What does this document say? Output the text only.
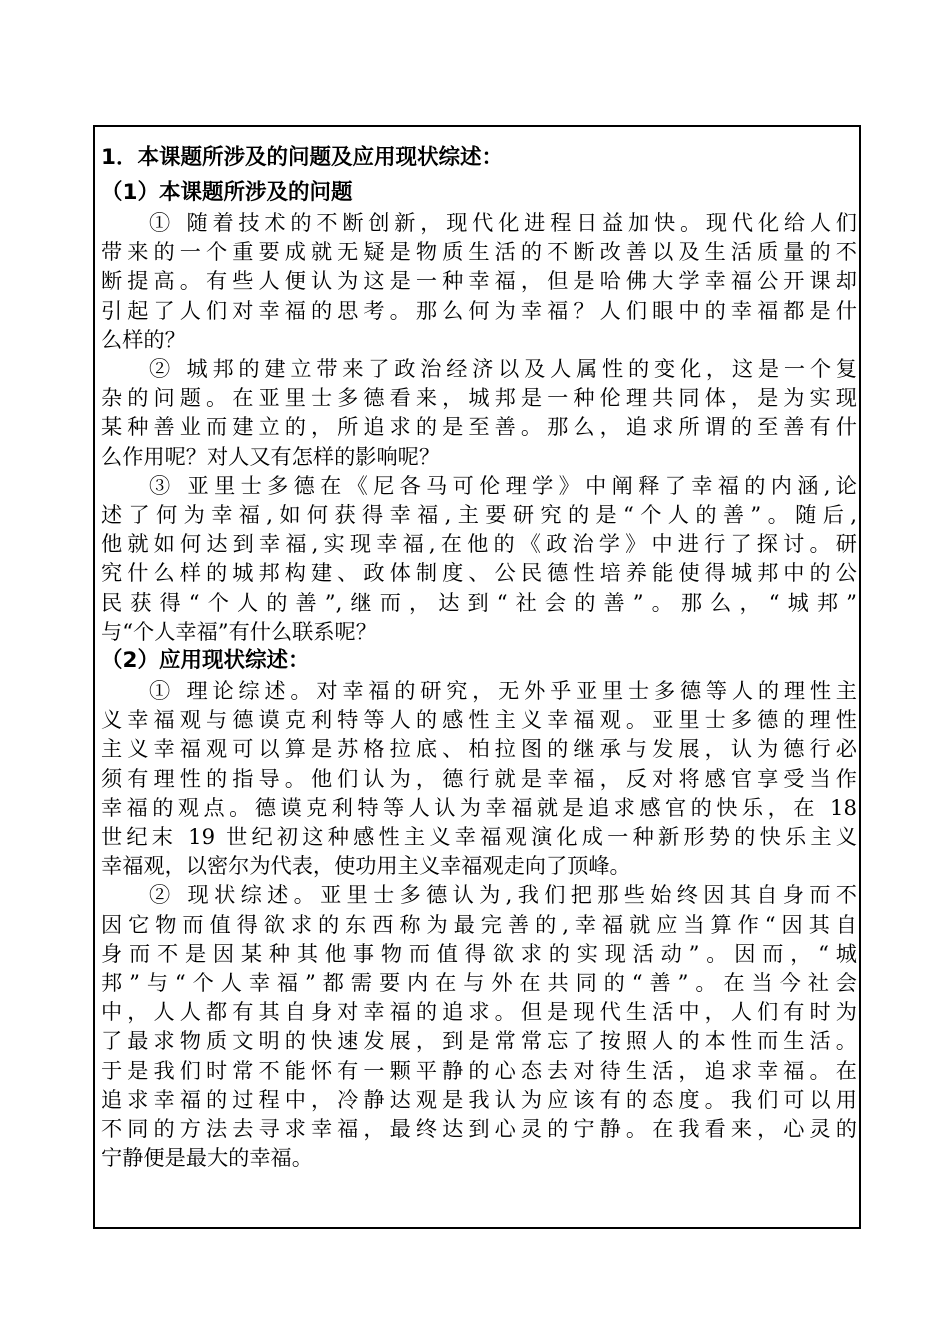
1．本课题所涉及的问题及应用现状综述：
（1）本课题所涉及的问题
① 随着技术的不断创新，现代化进程日益加快。现代化给人们
带来的一个重要成就无疑是物质生活的不断改善以及生活质量的不
断提高。有些人便认为这是一种幸福，但是哈佛大学幸福公开课却
引起了人们对幸福的思考。那么何为幸福？人们眼中的幸福都是什
么样的？
② 城邦的建立带来了政治经济以及人属性的变化，这是一个复
杂的问题。在亚里士多德看来，城邦是一种伦理共同体，是为实现
某种善业而建立的，所追求的是至善。那么，追求所谓的至善有什
么作用呢？对人又有怎样的影响呢？
③ 亚里士多德在《尼各马可伦理学》中阐释了幸福的内涵,论
述了何为幸福,如何获得幸福,主要研究的是“个人的善”。随后,
他就如何达到幸福,实现幸福,在他的《政治学》中进行了探讨。研
究什么样的城邦构建、政体制度、公民德性培养能使得城邦中的公
民获得“个人的善”,继而，达到“社会的善”。那么，“城邦”
与“个人幸福”有什么联系呢？
（2）应用现状综述：
① 理论综述。对幸福的研究，无外乎亚里士多德等人的理性主
义幸福观与德谟克利特等人的感性主义幸福观。亚里士多德的理性
主义幸福观可以算是苏格拉底、柏拉图的继承与发展，认为德行必
须有理性的指导。他们认为，德行就是幸福，反对将感官享受当作
幸福的观点。德谟克利特等人认为幸福就是追求感官的快乐，在 18
世纪末 19 世纪初这种感性主义幸福观演化成一种新形势的快乐主义
幸福观，以密尔为代表，使功用主义幸福观走向了顶峰。
② 现状综述。亚里士多德认为,我们把那些始终因其自身而不
因它物而值得欲求的东西称为最完善的,幸福就应当算作“因其自
身而不是因某种其他事物而值得欲求的实现活动”。因而，“城
邦”与“个人幸福”都需要内在与外在共同的“善”。在当今社会
中，人人都有其自身对幸福的追求。但是现代生活中，人们有时为
了最求物质文明的快速发展，到是常常忘了按照人的本性而生活。
于是我们时常不能怀有一颗平静的心态去对待生活，追求幸福。在
追求幸福的过程中，冷静达观是我认为应该有的态度。我们可以用
不同的方法去寻求幸福，最终达到心灵的宁静。在我看来，心灵的
宁静便是最大的幸福。
